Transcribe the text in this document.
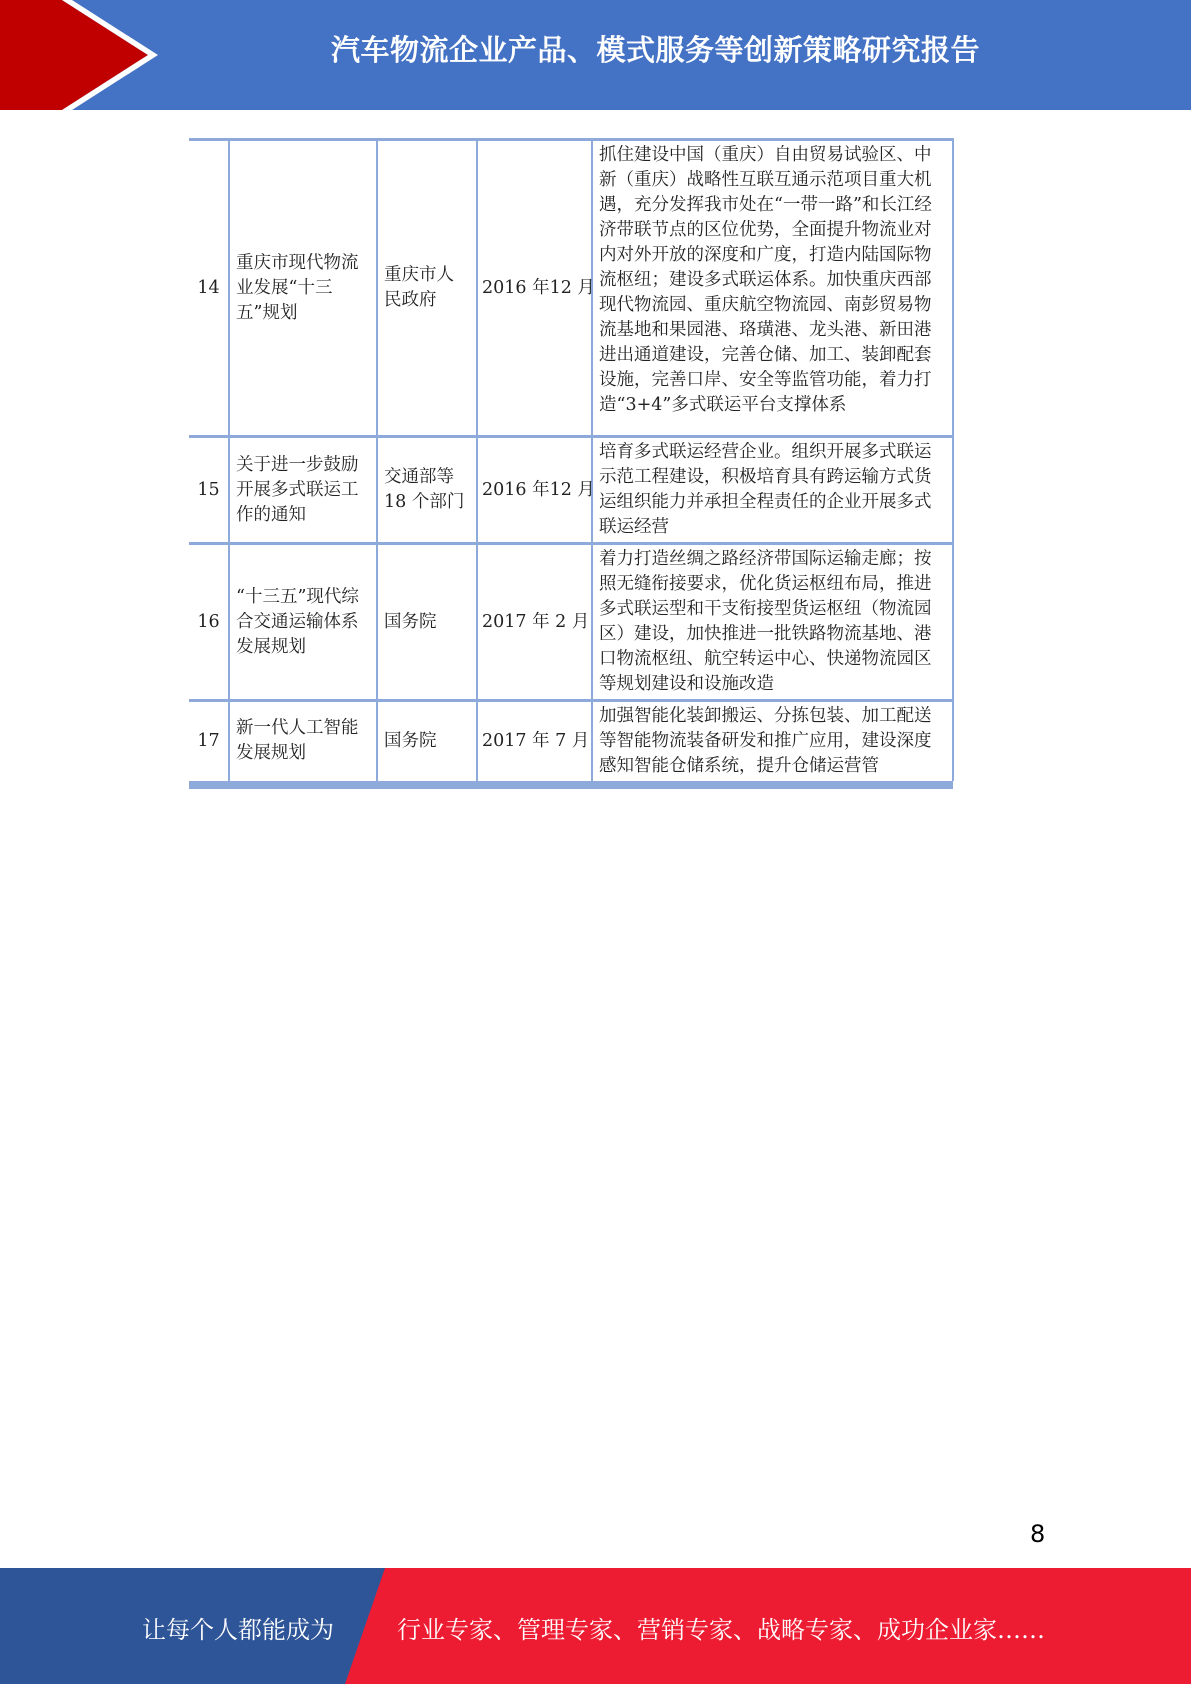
汽车物流企业产品、模式服务等创新策略研究报告
14	重庆市现代物流业发展“十三五”规划	重庆市人民政府	2016 年12 月	抓住建设中国（重庆）自由贸易试验区、中新（重庆）战略性互联互通示范项目重大机遇，充分发挥我市处在“一带一路”和长江经济带联节点的区位优势，全面提升物流业对内对外开放的深度和广度，打造内陆国际物流枢纽；建设多式联运体系。加快重庆西部现代物流园、重庆航空物流园、南彭贸易物流基地和果园港、珞璜港、龙头港、新田港进出通道建设，完善仓储、加工、装卸配套设施，完善口岸、安全等监管功能，着力打造“3+4”多式联运平台支撑体系
15	关于进一步鼓励开展多式联运工作的通知	交通部等18 个部门	2016 年12 月	培育多式联运经营企业。组织开展多式联运示范工程建设，积极培育具有跨运输方式货运组织能力并承担全程责任的企业开展多式联运经营
16	“十三五”现代综合交通运输体系发展规划	国务院	2017 年 2 月	着力打造丝绸之路经济带国际运输走廊；按照无缝衔接要求，优化货运枢纽布局，推进多式联运型和干支衔接型货运枢纽（物流园区）建设，加快推进一批铁路物流基地、港口物流枢纽、航空转运中心、快递物流园区等规划建设和设施改造
17	新一代人工智能发展规划	国务院	2017 年 7 月	加强智能化装卸搬运、分拣包装、加工配送等智能物流装备研发和推广应用，建设深度感知智能仓储系统，提升仓储运营管
8
让每个人都能成为	行业专家、管理专家、营销专家、战略专家、成功企业家……
